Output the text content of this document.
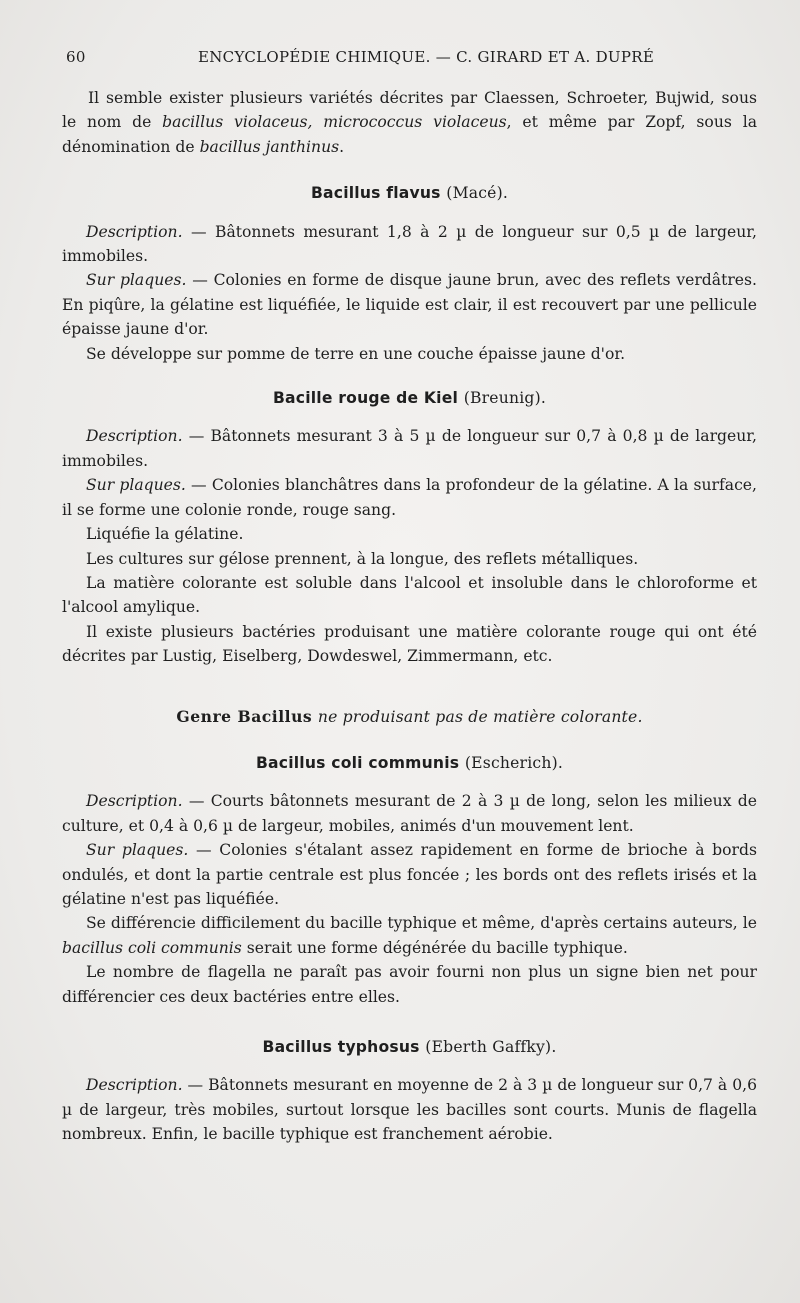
60	ENCYCLOPÉDIE CHIMIQUE. — C. GIRARD ET A. DUPRÉ

Il semble exister plusieurs variétés décrites par Claessen, Schroeter, Bujwid, sous le nom de bacillus violaceus, micrococcus violaceus, et même par Zopf, sous la dénomination de bacillus janthinus.

Bacillus flavus (Macé).

Description. — Bâtonnets mesurant 1,8 à 2 µ de longueur sur 0,5 µ de largeur, immobiles.

Sur plaques. — Colonies en forme de disque jaune brun, avec des reflets verdâtres. En piqûre, la gélatine est liquéfiée, le liquide est clair, il est recouvert par une pellicule épaisse jaune d'or.

Se développe sur pomme de terre en une couche épaisse jaune d'or.

Bacille rouge de Kiel (Breunig).

Description. — Bâtonnets mesurant 3 à 5 µ de longueur sur 0,7 à 0,8 µ de largeur, immobiles.

Sur plaques. — Colonies blanchâtres dans la profondeur de la gélatine. A la surface, il se forme une colonie ronde, rouge sang.

Liquéfie la gélatine.

Les cultures sur gélose prennent, à la longue, des reflets métalliques.

La matière colorante est soluble dans l'alcool et insoluble dans le chloroforme et l'alcool amylique.

Il existe plusieurs bactéries produisant une matière colorante rouge qui ont été décrites par Lustig, Eiselberg, Dowdeswel, Zimmermann, etc.

Genre Bacillus ne produisant pas de matière colorante.
Bacillus coli communis (Escherich).

Description. — Courts bâtonnets mesurant de 2 à 3 µ de long, selon les milieux de culture, et 0,4 à 0,6 µ de largeur, mobiles, animés d'un mouvement lent.

Sur plaques. — Colonies s'étalant assez rapidement en forme de brioche à bords ondulés, et dont la partie centrale est plus foncée ; les bords ont des reflets irisés et la gélatine n'est pas liquéfiée.

Se différencie difficilement du bacille typhique et même, d'après certains auteurs, le bacillus coli communis serait une forme dégénérée du bacille typhique.

Le nombre de flagella ne paraît pas avoir fourni non plus un signe bien net pour différencier ces deux bactéries entre elles.

Bacillus typhosus (Eberth Gaffky).

Description. — Bâtonnets mesurant en moyenne de 2 à 3 µ de longueur sur 0,7 à 0,6 µ de largeur, très mobiles, surtout lorsque les bacilles sont courts. Munis de flagella nombreux. Enfin, le bacille typhique est franchement aérobie.
